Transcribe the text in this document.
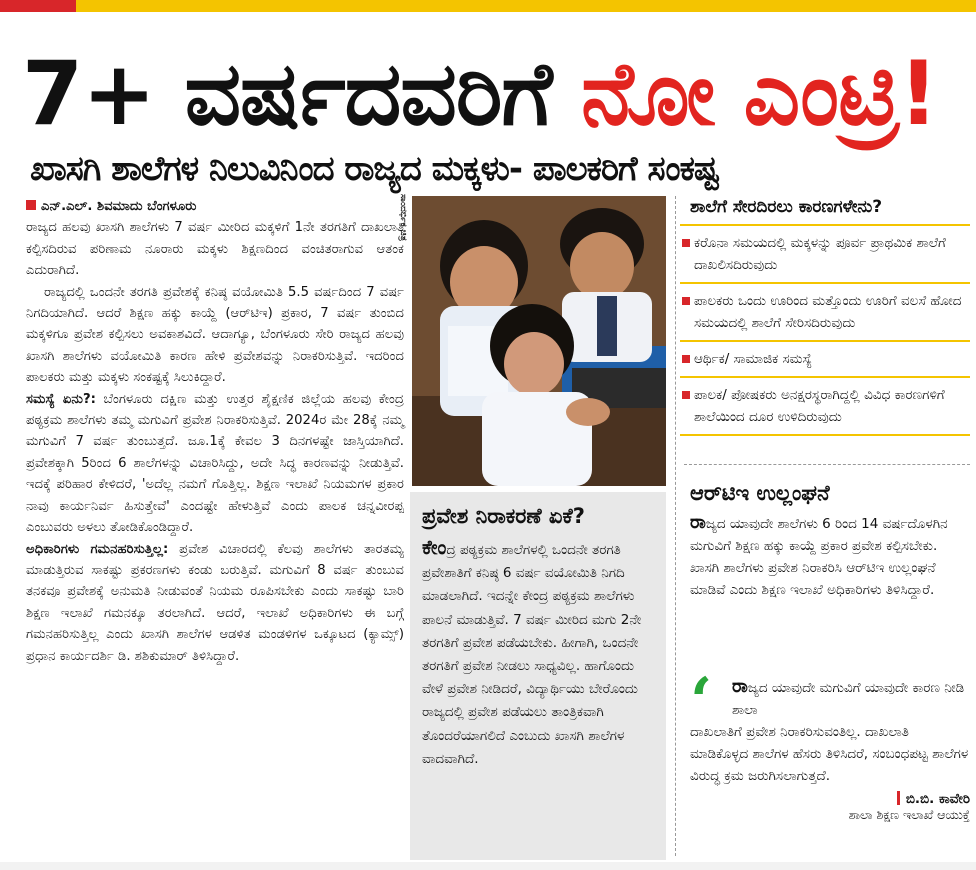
7+ ವರ್ಷದವರಿಗೆ ನೋ ಎಂಟ್ರಿ!
ಖಾಸಗಿ ಶಾಲೆಗಳ ನಿಲುವಿನಿಂದ ರಾಜ್ಯದ ಮಕ್ಕಳು- ಪಾಲಕರಿಗೆ ಸಂಕಷ್ಟ

ಎನ್.ಎಲ್. ಶಿವಮಾದು ಬೆಂಗಳೂರು

ರಾಜ್ಯದ ಹಲವು ಖಾಸಗಿ ಶಾಲೆಗಳು 7 ವರ್ಷ ಮೀರಿದ ಮಕ್ಕಳಿಗೆ 1ನೇ ತರಗತಿಗೆ ದಾಖಲಾತಿ ಕಲ್ಪಿಸದಿರುವ ಪರಿಣಾಮ ನೂರಾರು ಮಕ್ಕಳು ಶಿಕ್ಷಣದಿಂದ ವಂಚಿತರಾಗುವ ಆತಂಕ ಎದುರಾಗಿದೆ.

ರಾಜ್ಯದಲ್ಲಿ ಒಂದನೇ ತರಗತಿ ಪ್ರವೇಶಕ್ಕೆ ಕನಿಷ್ಠ ವಯೋಮಿತಿ 5.5 ವರ್ಷದಿಂದ 7 ವರ್ಷ ನಿಗದಿಯಾಗಿದೆ. ಆದರೆ ಶಿಕ್ಷಣ ಹಕ್ಕು ಕಾಯ್ದೆ (ಆರ್‌ಟಿಇ) ಪ್ರಕಾರ, 7 ವರ್ಷ ತುಂಬಿದ ಮಕ್ಕಳಿಗೂ ಪ್ರವೇಶ ಕಲ್ಪಿಸಲು ಅವಕಾಶವಿದೆ. ಆದಾಗ್ಯೂ, ಬೆಂಗಳೂರು ಸೇರಿ ರಾಜ್ಯದ ಹಲವು ಖಾಸಗಿ ಶಾಲೆಗಳು ವಯೋಮಿತಿ ಕಾರಣ ಹೇಳಿ ಪ್ರವೇಶವನ್ನು ನಿರಾಕರಿಸುತ್ತಿವೆ. ಇದರಿಂದ ಪಾಲಕರು ಮತ್ತು ಮಕ್ಕಳು ಸಂಕಷ್ಟಕ್ಕೆ ಸಿಲುಕಿದ್ದಾರೆ.

ಸಮಸ್ಯೆ ಏನು?: ಬೆಂಗಳೂರು ದಕ್ಷಿಣ ಮತ್ತು ಉತ್ತರ ಶೈಕ್ಷಣಿಕ ಜಿಲ್ಲೆಯ ಹಲವು ಕೇಂದ್ರ ಪಠ್ಯಕ್ರಮ ಶಾಲೆಗಳು ತಮ್ಮ ಮಗುವಿಗೆ ಪ್ರವೇಶ ನಿರಾಕರಿಸುತ್ತಿವೆ. 2024ರ ಮೇ 28ಕ್ಕೆ ನಮ್ಮ ಮಗುವಿಗೆ 7 ವರ್ಷ ತುಂಬುತ್ತದೆ. ಜೂ.1ಕ್ಕೆ ಕೇವಲ 3 ದಿನಗಳಷ್ಟೇ ಜಾಸ್ತಿಯಾಗಿದೆ. ಪ್ರವೇಶಕ್ಕಾಗಿ 5ರಿಂದ 6 ಶಾಲೆಗಳನ್ನು ವಿಚಾರಿಸಿದ್ದು, ಅದೇ ಸಿದ್ಧ ಕಾರಣವನ್ನು ನೀಡುತ್ತಿವೆ. ಇದಕ್ಕೆ ಪರಿಹಾರ ಕೇಳಿದರೆ, 'ಅದೆಲ್ಲ ನಮಗೆ ಗೊತ್ತಿಲ್ಲ. ಶಿಕ್ಷಣ ಇಲಾಖೆ ನಿಯಮಗಳ ಪ್ರಕಾರ ನಾವು ಕಾರ್ಯನಿರ್ವ ಹಿಸುತ್ತೇವೆ' ಎಂದಷ್ಟೇ ಹೇಳುತ್ತಿವೆ ಎಂದು ಪಾಲಕ ಚನ್ನವೀರಪ್ಪ ಎಂಬುವರು ಅಳಲು ತೋಡಿಕೊಂಡಿದ್ದಾರೆ.

ಅಧಿಕಾರಿಗಳು ಗಮನಹರಿಸುತ್ತಿಲ್ಲ: ಪ್ರವೇಶ ವಿಚಾರದಲ್ಲಿ ಕೆಲವು ಶಾಲೆಗಳು ತಾರತಮ್ಯ ಮಾಡುತ್ತಿರುವ ಸಾಕಷ್ಟು ಪ್ರಕರಣಗಳು ಕಂಡು ಬರುತ್ತಿವೆ. ಮಗುವಿಗೆ 8 ವರ್ಷ ತುಂಬುವ ತನಕವೂ ಪ್ರವೇಶಕ್ಕೆ ಅನುಮತಿ ನೀಡುವಂತೆ ನಿಯಮ ರೂಪಿಸಬೇಕು ಎಂದು ಸಾಕಷ್ಟು ಬಾರಿ ಶಿಕ್ಷಣ ಇಲಾಖೆ ಗಮನಕ್ಕೂ ತರಲಾಗಿದೆ. ಆದರೆ, ಇಲಾಖೆ ಅಧಿಕಾರಿಗಳು ಈ ಬಗ್ಗೆ ಗಮನಹರಿಸುತ್ತಿಲ್ಲ ಎಂದು ಖಾಸಗಿ ಶಾಲೆಗಳ ಆಡಳಿತ ಮಂಡಳಿಗಳ ಒಕ್ಕೂಟದ (ಕ್ಯಾಮ್ಸ್) ಪ್ರಧಾನ ಕಾರ್ಯದರ್ಶಿ ಡಿ. ಶಶಿಕುಮಾರ್ ತಿಳಿಸಿದ್ದಾರೆ.

ಸಾಂದರ್ಭಿಕ ಚಿತ್ರ
ಪ್ರವೇಶ ನಿರಾಕರಣೆ ಏಕೆ?

ಕೇಂದ್ರ ಪಠ್ಯಕ್ರಮ ಶಾಲೆಗಳಲ್ಲಿ ಒಂದನೇ ತರಗತಿ ಪ್ರವೇಶಾತಿಗೆ ಕನಿಷ್ಠ 6 ವರ್ಷ ವಯೋಮಿತಿ ನಿಗದಿ ಮಾಡಲಾಗಿದೆ. ಇದನ್ನೇ ಕೇಂದ್ರ ಪಠ್ಯಕ್ರಮ ಶಾಲೆಗಳು ಪಾಲನೆ ಮಾಡುತ್ತಿವೆ. 7 ವರ್ಷ ಮೀರಿದ ಮಗು 2ನೇ ತರಗತಿಗೆ ಪ್ರವೇಶ ಪಡೆಯಬೇಕು. ಹೀಗಾಗಿ, ಒಂದನೇ ತರಗತಿಗೆ ಪ್ರವೇಶ ನೀಡಲು ಸಾಧ್ಯವಿಲ್ಲ. ಹಾಗೊಂದು ವೇಳೆ ಪ್ರವೇಶ ನೀಡಿದರೆ, ವಿದ್ಯಾರ್ಥಿಯು ಬೇರೊಂದು ರಾಜ್ಯದಲ್ಲಿ ಪ್ರವೇಶ ಪಡೆಯಲು ತಾಂತ್ರಿಕವಾಗಿ ತೊಂದರೆಯಾಗಲಿದೆ ಎಂಬುದು ಖಾಸಗಿ ಶಾಲೆಗಳ ವಾದವಾಗಿದೆ.

ಶಾಲೆಗೆ ಸೇರದಿರಲು ಕಾರಣಗಳೇನು?
ಕರೊನಾ ಸಮಯದಲ್ಲಿ ಮಕ್ಕಳನ್ನು ಪೂರ್ವ ಪ್ರಾಥಮಿಕ ಶಾಲೆಗೆ ದಾಖಲಿಸದಿರುವುದು
ಪಾಲಕರು ಒಂದು ಊರಿಂದ ಮತ್ತೊಂದು ಊರಿಗೆ ವಲಸೆ ಹೋದ ಸಮಯದಲ್ಲಿ ಶಾಲೆಗೆ ಸೇರಿಸದಿರುವುದು
ಆರ್ಥಿಕ/ ಸಾಮಾಜಿಕ ಸಮಸ್ಯೆ
ಪಾಲಕ/ ಪೋಷಕರು ಅನಕ್ಷರಸ್ಥರಾಗಿದ್ದಲ್ಲಿ ವಿವಿಧ ಕಾರಣಗಳಿಗೆ ಶಾಲೆಯಿಂದ ದೂರ ಉಳಿದಿರುವುದು
ಆರ್‌ಟಿಇ ಉಲ್ಲಂಘನೆ
ರಾಜ್ಯದ ಯಾವುದೇ ಶಾಲೆಗಳು 6 ರಿಂದ 14 ವರ್ಷದೊಳಗಿನ ಮಗುವಿಗೆ ಶಿಕ್ಷಣ ಹಕ್ಕು ಕಾಯ್ದೆ ಪ್ರಕಾರ ಪ್ರವೇಶ ಕಲ್ಪಿಸಬೇಕು. ಖಾಸಗಿ ಶಾಲೆಗಳು ಪ್ರವೇಶ ನಿರಾಕರಿಸಿ ಆರ್‌ಟಿಇ ಉಲ್ಲಂಘನೆ ಮಾಡಿವೆ ಎಂದು ಶಿಕ್ಷಣ ಇಲಾಖೆ ಅಧಿಕಾರಿಗಳು ತಿಳಿಸಿದ್ದಾರೆ.
‘	ರಾಜ್ಯದ ಯಾವುದೇ ಮಗುವಿಗೆ ಯಾವುದೇ ಕಾರಣ ನೀಡಿ ಶಾಲಾ
ದಾಖಲಾತಿಗೆ ಪ್ರವೇಶ ನಿರಾಕರಿಸುವಂತಿಲ್ಲ. ದಾಖಲಾತಿ ಮಾಡಿಕೊಳ್ಳದ ಶಾಲೆಗಳ ಹೆಸರು ತಿಳಿಸಿದರೆ, ಸಂಬಂಧಪಟ್ಟ ಶಾಲೆಗಳ ವಿರುದ್ಧ ಕ್ರಮ ಜರುಗಿಸಲಾಗುತ್ತದೆ.
ಬಿ.ಬಿ. ಕಾವೇರಿ
ಶಾಲಾ ಶಿಕ್ಷಣ ಇಲಾಖೆ ಆಯುಕ್ತೆ
